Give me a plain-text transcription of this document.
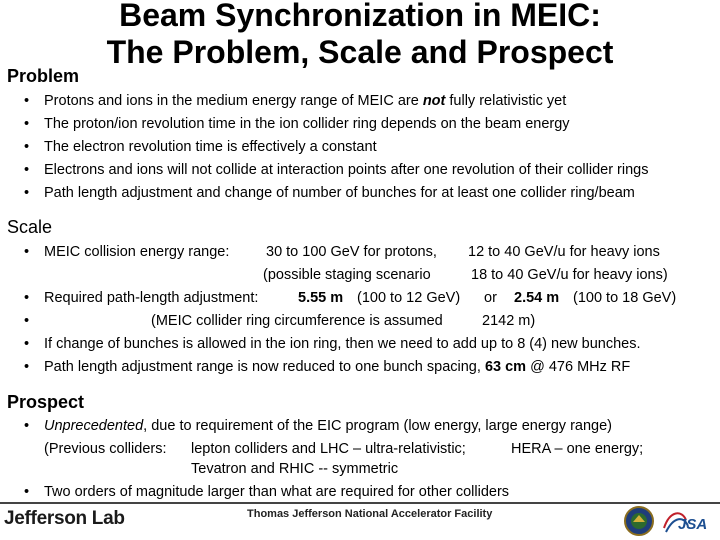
Beam Synchronization in MEIC:
The Problem, Scale and Prospect
Problem
• Protons and ions in the medium energy range of MEIC are not fully relativistic yet
• The proton/ion revolution time in the ion collider ring depends on the beam energy
• The electron revolution time is effectively a constant
• Electrons and ions will not collide at interaction points after one revolution of their collider rings
• Path length adjustment and change of number of bunches for at least one collider ring/beam
Scale
• MEIC collision energy range:	30 to 100 GeV for protons, 12 to 40 GeV/u for heavy ions
(possible staging scenario	18 to 40 GeV/u for heavy ions)
• Required path-length adjustment:	5.55 m (100 to 12 GeV) or 2.54 m (100 to 18 GeV)
•	(MEIC collider ring circumference is assumed	2142 m)
• If change of bunches is allowed in the ion ring, then we need to add up to 8 (4) new bunches.
• Path length adjustment range is now reduced to one bunch spacing, 63 cm @ 476 MHz RF
Prospect
• Unprecedented, due to requirement of the EIC program (low energy, large energy range)
(Previous colliders: lepton colliders and LHC – ultra-relativistic;	HERA – one energy;
Tevatron and RHIC -- symmetric
• Two orders of magnitude larger than what are required for other colliders
Jefferson Lab	Thomas Jefferson National Accelerator Facility
JSA
